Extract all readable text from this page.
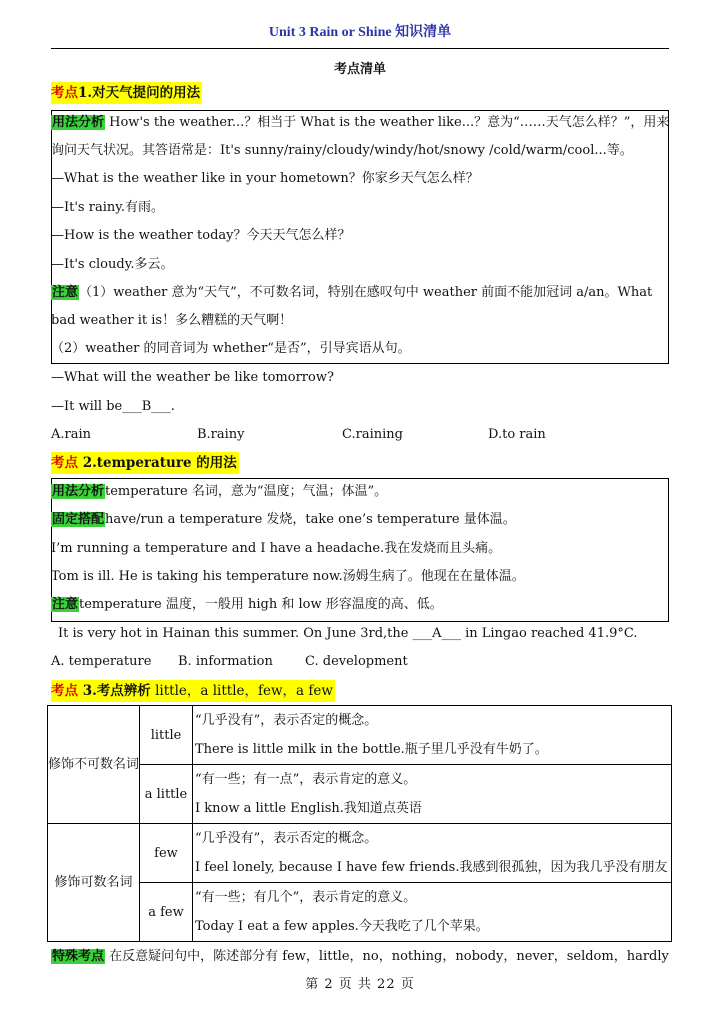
Unit 3 Rain or Shine 知识清单
考点清单
考点1.对天气提问的用法
用法分析 How's the weather...？相当于 What is the weather like...？意为“……天气怎么样？”，用来
询问天气状况。其答语常是：It's sunny/rainy/cloudy/windy/hot/snowy /cold/warm/cool...等。
—What is the weather like in your hometown？你家乡天气怎么样？
—It's rainy.有雨。
—How is the weather today？今天天气怎么样？
—It's cloudy.多云。
注意（1）weather 意为“天气”，不可数名词，特别在感叹句中 weather 前面不能加冠词 a/an。What
bad weather it is！多么糟糕的天气啊！
（2）weather 的同音词为 whether“是否”，引导宾语从句。
—What will the weather be like tomorrow?
—It will be___B___.
A.rain	B.rainy	C.raining	D.to rain
考点 2.temperature 的用法
用法分析temperature 名词，意为“温度；气温；体温”。
固定搭配have/run a temperature 发烧，take one’s temperature 量体温。
I’m running a temperature and I have a headache.我在发烧而且头痛。
Tom is ill. He is taking his temperature now.汤姆生病了。他现在在量体温。
注意temperature 温度，一般用 high 和 low 形容温度的高、低。
It is very hot in Hainan this summer. On June 3rd,the ___A___ in Lingao reached 41.9°C.
A. temperature B. information C. development
考点 3.考点辨析 little，a little，few，a few
修饰不可数名词	little	“几乎没有”，表示否定的概念。
There is little milk in the bottle.瓶子里几乎没有牛奶了。

	a little	“有一些；有一点”，表示肯定的意义。
I know a little English.我知道点英语

修饰可数名词	few	“几乎没有”，表示否定的概念。
I feel lonely, because I have few friends.我感到很孤独，因为我几乎没有朋友

	a few	“有一些；有几个”，表示肯定的意义。
Today I eat a few apples.今天我吃了几个苹果。
特殊考点 在反意疑问句中，陈述部分有 few，little，no，nothing，nobody，never，seldom，hardly
第 2 页 共 22 页
